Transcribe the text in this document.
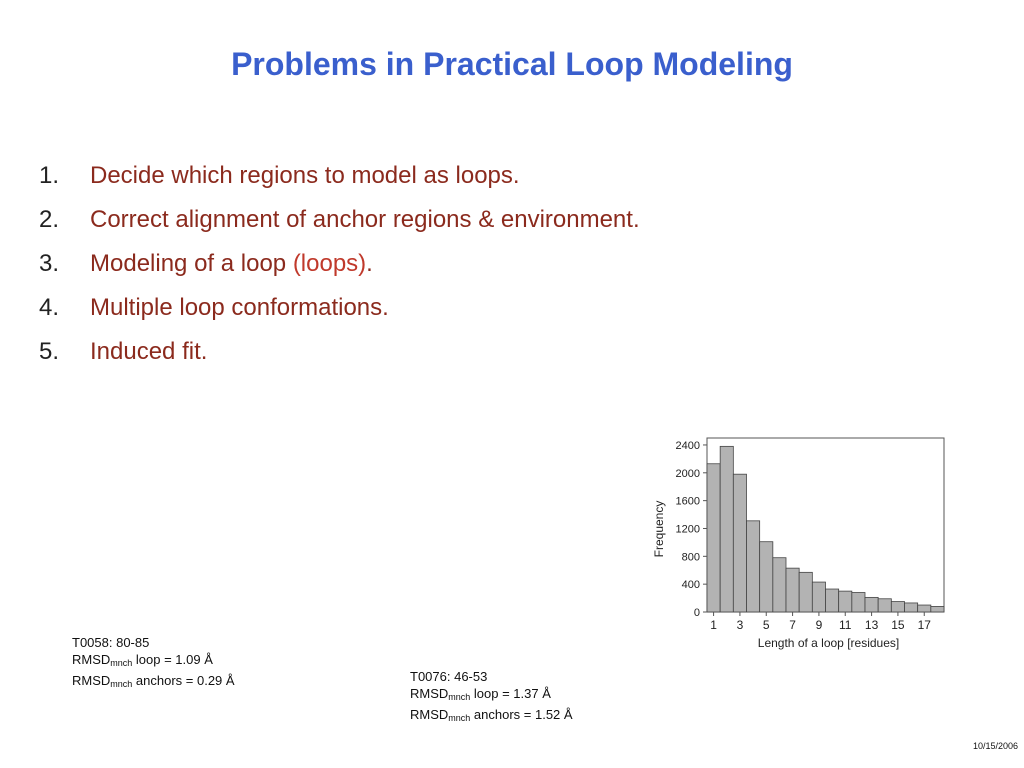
Problems in Practical Loop Modeling
1. Decide which regions to model as loops.
2. Correct alignment of anchor regions & environment.
3. Modeling of a loop (loops).
4. Multiple loop conformations.
5. Induced fit.
T0058: 80-85
$RMSD_{mnch}$ loop = 1.09 Å
$RMSD_{mnch}$ anchors = 0.29 Å	T0076: 46-53
$RMSD_{mnch}$ loop = 1.37 Å
$RMSD_{mnch}$ anchors = 1.52 Å
0
400
800
1200
1600
2000
2400
1 3 5 7 9 11 13 15 17
Length of a loop [residues]
Frequency
10/15/2006
